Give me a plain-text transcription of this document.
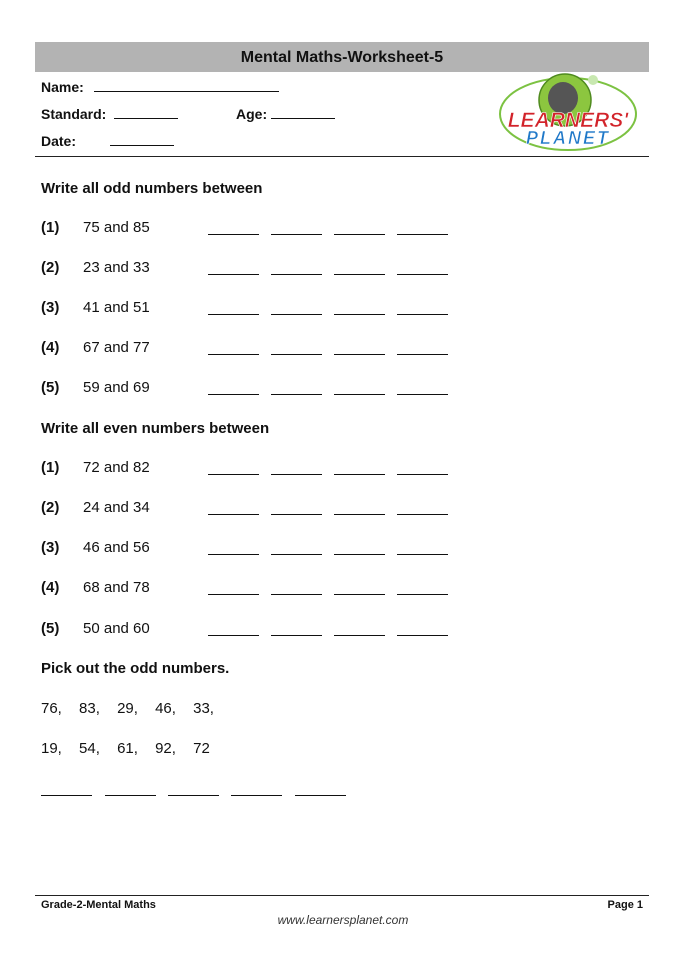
Mental Maths-Worksheet-5
Name:
Standard:	Age:
Date:
LEARNERS'
PLANET
Write all odd numbers between
(1) 75 and 85
(2) 23 and 33
(3) 41 and 51
(4) 67 and 77
(5) 59 and 69
Write all even numbers between
(1) 72 and 82
(2) 24 and 34
(3) 46 and 56
(4) 68 and 78
(5) 50 and 60
Pick out the odd numbers.
76, 83, 29, 46, 33,
19, 54, 61, 92, 72
Grade-2-Mental Maths	Page 1
www.learnersplanet.com
